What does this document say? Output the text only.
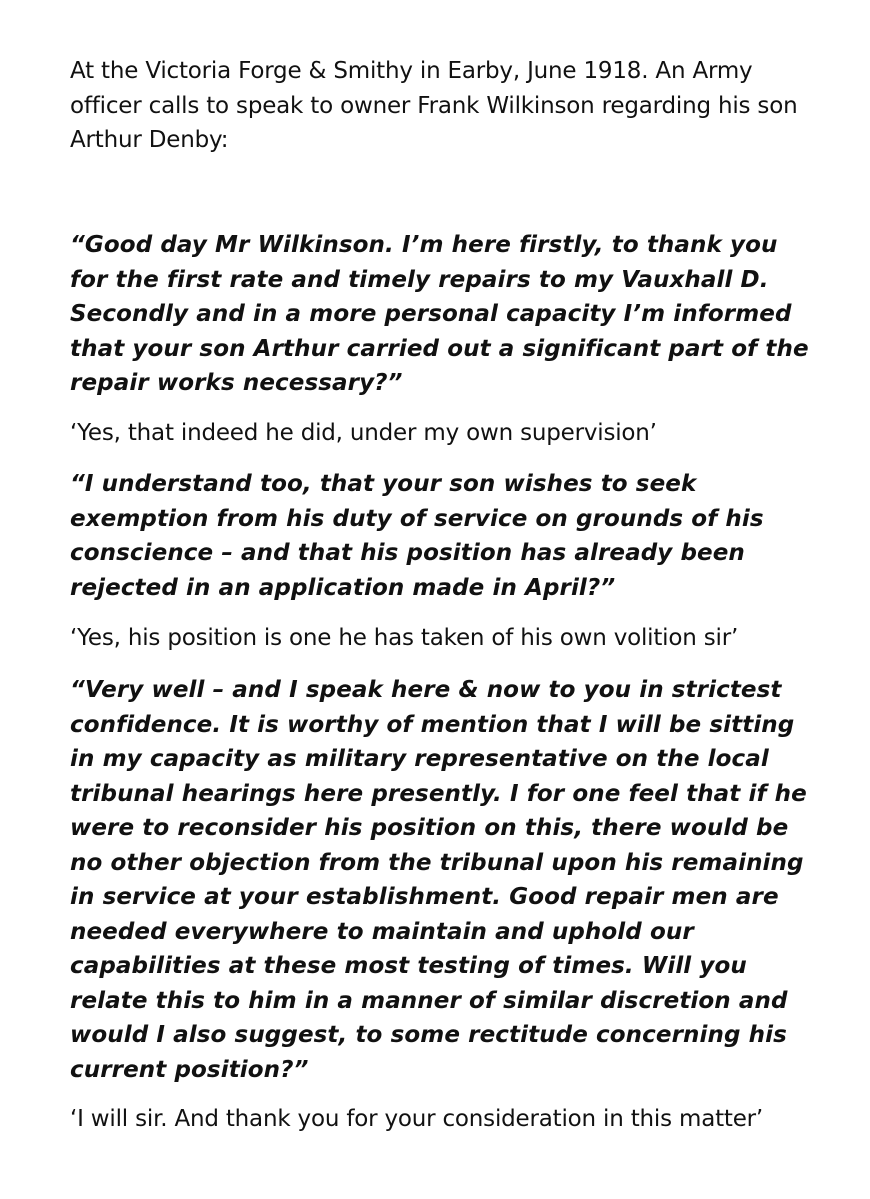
At the Victoria Forge & Smithy in Earby, June 1918. An Army officer calls to speak to owner Frank Wilkinson regarding his son Arthur Denby:

“Good day Mr Wilkinson. I’m here firstly, to thank you for the first rate and timely repairs to my Vauxhall D. Secondly and in a more personal capacity I’m informed that your son Arthur carried out a significant part of the repair works necessary?”

‘Yes, that indeed he did, under my own supervision’

“I understand too, that your son wishes to seek exemption from his duty of service on grounds of his conscience – and that his position has already been rejected in an application made in April?”

‘Yes, his position is one he has taken of his own volition sir’

“Very well – and I speak here & now to you in strictest confidence. It is worthy of mention that I will be sitting in my capacity as military representative on the local tribunal hearings here presently. I for one feel that if he were to reconsider his position on this, there would be no other objection from the tribunal upon his remaining in service at your establishment. Good repair men are needed everywhere to maintain and uphold our capabilities at these most testing of times. Will you relate this to him in a manner of similar discretion and would I also suggest, to some rectitude concerning his current position?”

‘I will sir. And thank you for your consideration in this matter’
